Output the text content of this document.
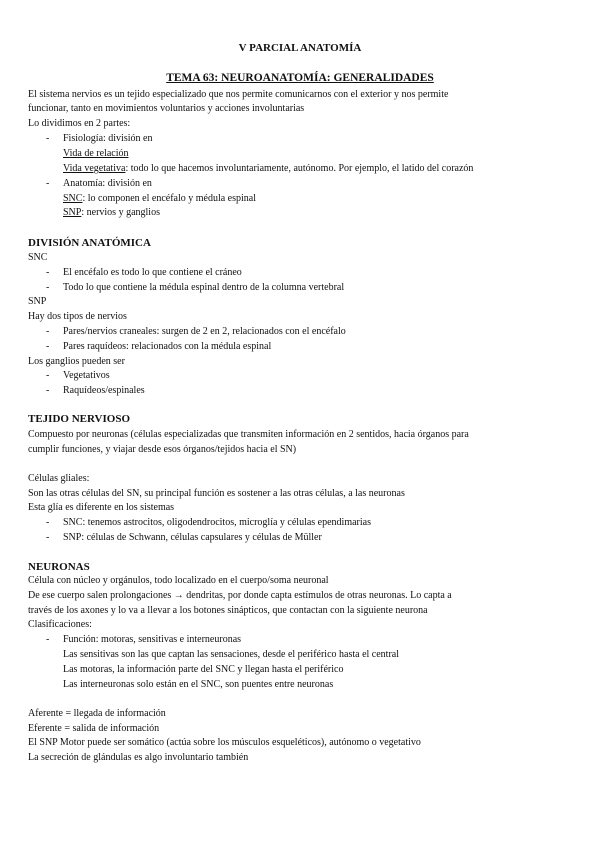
V PARCIAL ANATOMÍA
TEMA 63: NEUROANATOMÍA: GENERALIDADES
El sistema nervios es un tejido especializado que nos permite comunicarnos con el exterior y nos permite
funcionar, tanto en movimientos voluntarios y acciones involuntarias
Lo dividimos en 2 partes:
- Fisiología: división en
Vida de relación
Vida vegetativa: todo lo que hacemos involuntariamente, autónomo. Por ejemplo, el latido del corazón
- Anatomía: división en
SNC: lo componen el encéfalo y médula espinal
SNP: nervios y ganglios
DIVISIÓN ANATÓMICA
SNC
- El encéfalo es todo lo que contiene el cráneo
- Todo lo que contiene la médula espinal dentro de la columna vertebral
SNP
Hay dos tipos de nervios
- Pares/nervios craneales: surgen de 2 en 2, relacionados con el encéfalo
- Pares raquídeos: relacionados con la médula espinal
Los ganglios pueden ser
- Vegetativos
- Raquídeos/espinales
TEJIDO NERVIOSO
Compuesto por neuronas (células especializadas que transmiten información en 2 sentidos, hacia órganos para
cumplir funciones, y viajar desde esos órganos/tejidos hacia el SN)
Células gliales:
Son las otras células del SN, su principal función es sostener a las otras células, a las neuronas
Esta glía es diferente en los sistemas
- SNC: tenemos astrocitos, oligodendrocitos, microglía y células ependimarias
- SNP: células de Schwann, células capsulares y células de Müller
NEURONAS
Célula con núcleo y orgánulos, todo localizado en el cuerpo/soma neuronal
De ese cuerpo salen prolongaciones → dendritas, por donde capta estímulos de otras neuronas. Lo capta a
través de los axones y lo va a llevar a los botones sinápticos, que contactan con la siguiente neurona
Clasificaciones:
- Función: motoras, sensitivas e interneuronas
Las sensitivas son las que captan las sensaciones, desde el periférico hasta el central
Las motoras, la información parte del SNC y llegan hasta el periférico
Las interneuronas solo están en el SNC, son puentes entre neuronas
Aferente = llegada de información
Eferente = salida de información
El SNP Motor puede ser somático (actúa sobre los músculos esqueléticos), autónomo o vegetativo
La secreción de glándulas es algo involuntario también
